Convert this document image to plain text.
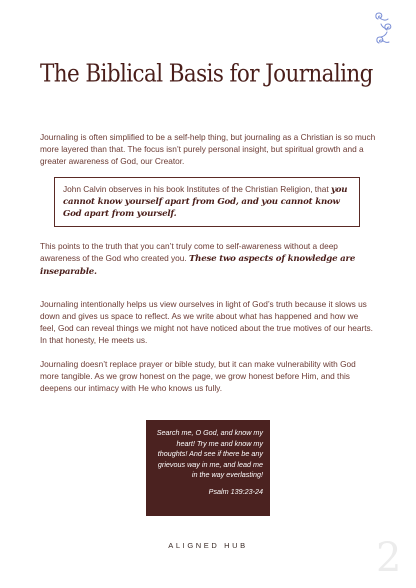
The Biblical Basis for Journaling

Journaling is often simplified to be a self-help thing, but journaling as a Christian is so much more layered than that. The focus isn’t purely personal insight, but spiritual growth and a greater awareness of God, our Creator.

John Calvin observes in his book Institutes of the Christian Religion, that you cannot know yourself apart from God, and you cannot know God apart from yourself.

This points to the truth that you can’t truly come to self-awareness without a deep awareness of the God who created you. These two aspects of knowledge are inseparable.

Journaling intentionally helps us view ourselves in light of God’s truth because it slows us down and gives us space to reflect. As we write about what has happened and how we feel, God can reveal things we might not have noticed about the true motives of our hearts. In that honesty, He meets us.

Journaling doesn’t replace prayer or bible study, but it can make vulnerability with God more tangible. As we grow honest on the page, we grow honest before Him, and this deepens our intimacy with He who knows us fully.

Search me, O God, and know my heart! Try me and know my thoughts! And see if there be any grievous way in me, and lead me in the way everlasting!
Psalm 139:23-24
ALIGNED HUB	2
